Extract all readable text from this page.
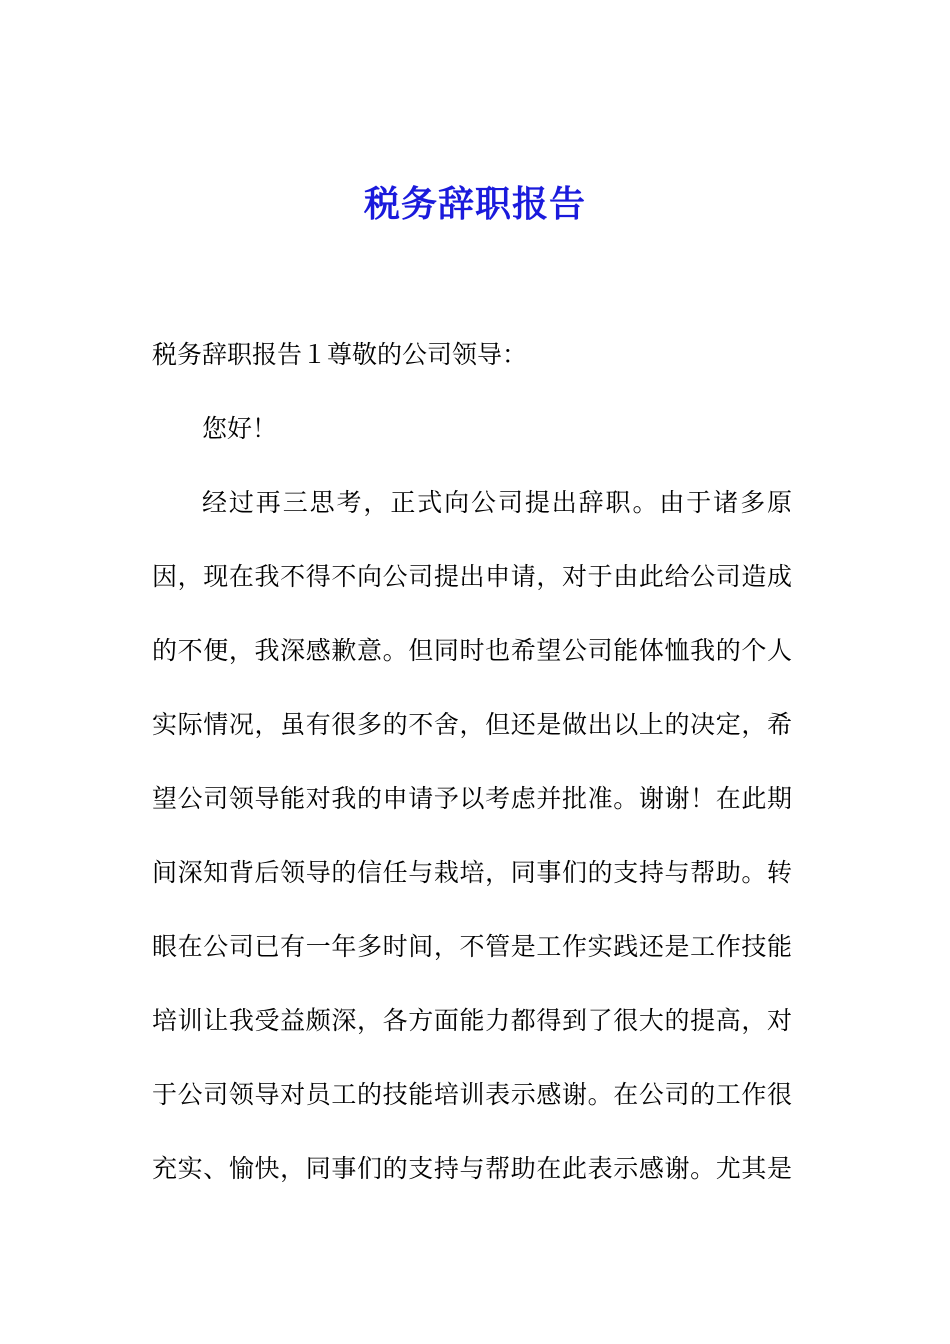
税务辞职报告
税务辞职报告１尊敬的公司领导：
您好！
经过再三思考，正式向公司提出辞职。由于诸多原
因，现在我不得不向公司提出申请，对于由此给公司造成
的不便，我深感歉意。但同时也希望公司能体恤我的个人
实际情况，虽有很多的不舍，但还是做出以上的决定，希
望公司领导能对我的申请予以考虑并批准。谢谢！在此期
间深知背后领导的信任与栽培，同事们的支持与帮助。转
眼在公司已有一年多时间，不管是工作实践还是工作技能
培训让我受益颇深，各方面能力都得到了很大的提高，对
于公司领导对员工的技能培训表示感谢。在公司的工作很
充实、愉快，同事们的支持与帮助在此表示感谢。尤其是
